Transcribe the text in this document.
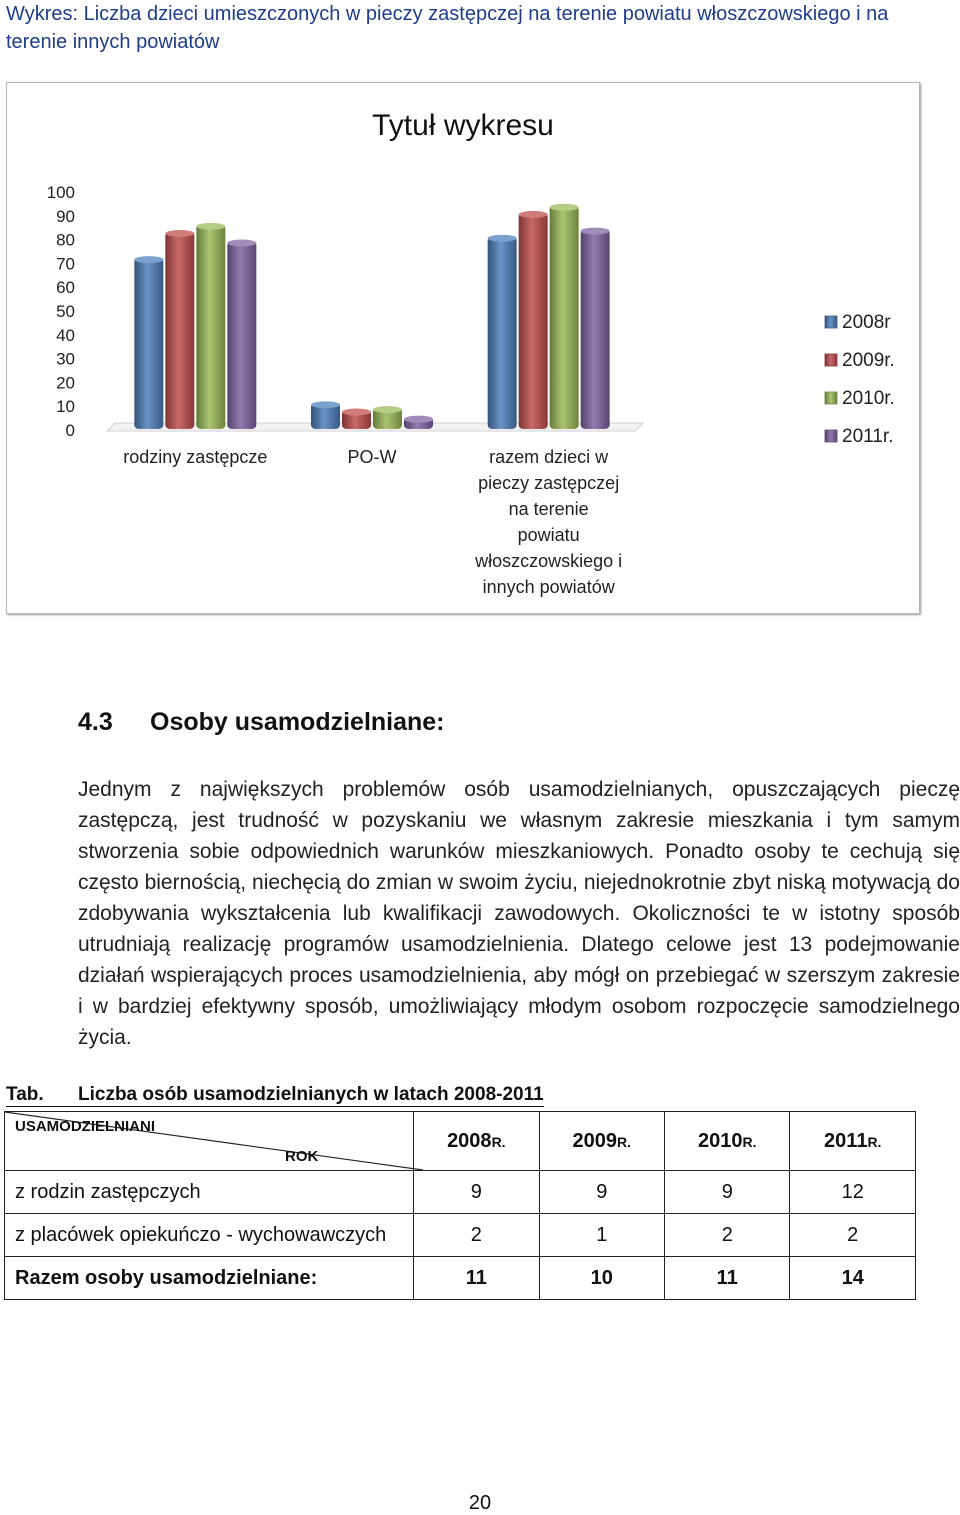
Wykres: Liczba dzieci umieszczonych w pieczy zastępczej na terenie powiatu włoszczowskiego i na terenie innych powiatów
Tytuł wykresu
0
10
20
30
40
50
60
70
80
90
100
rodziny zastępcze	PO-W	razem dzieci w
pieczy zastępczej
na terenie
powiatu
włoszczowskiego i
innych powiatów
2008r
2009r.
2010r.
2011r.
4.3 Osoby usamodzielniane:

Jednym z największych problemów osób usamodzielnianych, opuszczających pieczę zastępczą, jest trudność w pozyskaniu we własnym zakresie mieszkania i tym samym stworzenia sobie odpowiednich warunków mieszkaniowych. Ponadto osoby te cechują się często biernością, niechęcią do zmian w swoim życiu, niejednokrotnie zbyt niską motywacją do zdobywania wykształcenia lub kwalifikacji zawodowych. Okoliczności te w istotny sposób utrudniają realizację programów usamodzielnienia. Dlatego celowe jest 13 podejmowanie działań wspierających proces usamodzielnienia, aby mógł on przebiegać w szerszym zakresie i w bardziej efektywny sposób, umożliwiający młodym osobom rozpoczęcie samodzielnego życia.

Tab. Liczba osób usamodzielnianych w latach 2008-2011
USAMODZIELNIANI
ROK	2008R.	2009R.	2010R.	2011R.
z rodzin zastępczych	9	9	9	12
z placówek opiekuńczo - wychowawczych	2	1	2	2
Razem osoby usamodzielniane:	11	10	11	14
20
